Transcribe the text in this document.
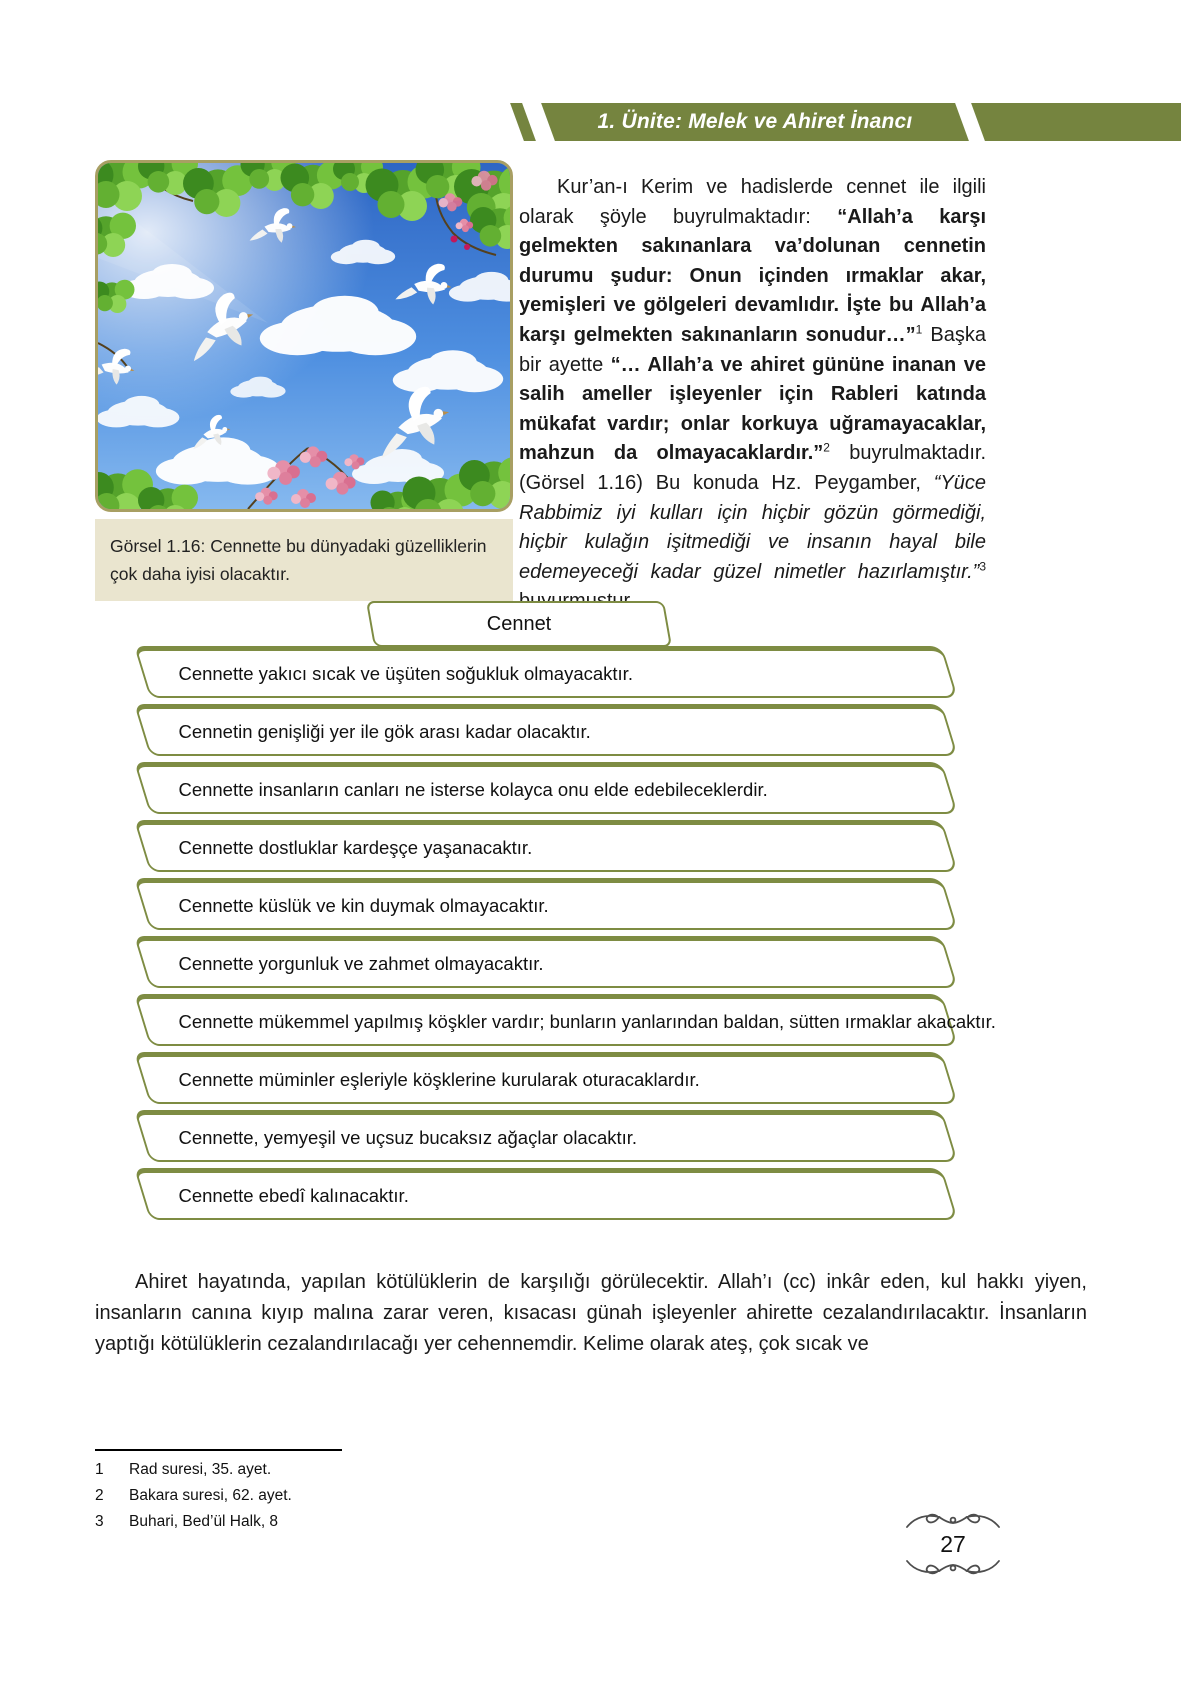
1. Ünite: Melek ve Ahiret İnancı
Görsel 1.16: Cennette bu dünyadaki güzelliklerin çok daha iyisi olacaktır.

Kur’an-ı Kerim ve hadislerde cennet ile ilgili olarak şöyle buyrulmaktadır: “Allah’a karşı gelmekten sakınanlara va’dolunan cennetin durumu şudur: Onun içinden ırmaklar akar, yemişleri ve gölgeleri devamlıdır. İşte bu Allah’a karşı gelmekten sakınanların sonudur…”$^1$ Başka bir ayette “… Allah’a ve ahiret gününe inanan ve salih ameller işleyenler için Rableri katında mükafat vardır; onlar korkuya uğramayacaklar, mahzun da olmayacaklardır.”$^2$ buyrulmaktadır. (Görsel 1.16) Bu konuda Hz. Peygamber, “Yüce Rabbimiz iyi kulları için hiçbir gözün görmediği, hiçbir kulağın işitmediği ve insanın hayal bile edemeyeceği kadar güzel nimetler hazırlamıştır.”$^3$

Cennet
Cennette yakıcı sıcak ve üşüten soğukluk olmayacaktır.
Cennetin genişliği yer ile gök arası kadar olacaktır.
Cennette insanların canları ne isterse kolayca onu elde edebileceklerdir.
Cennette dostluklar kardeşçe yaşanacaktır.
Cennette küslük ve kin duymak olmayacaktır.
Cennette yorgunluk ve zahmet olmayacaktır.
Cennette mükemmel yapılmış köşkler vardır; bunların yanlarından baldan, sütten ırmaklar akacaktır.
Cennette müminler eşleriyle köşklerine kurularak oturacaklardır.
Cennette, yemyeşil ve uçsuz bucaksız ağaçlar olacaktır.
Cennette ebedî kalınacaktır.

Ahiret hayatında, yapılan kötülüklerin de karşılığı görülecektir. Allah’ı (cc) inkâr eden, kul hakkı yiyen, insanların canına kıyıp malına zarar veren, kısacası günah işleyenler ahirette cezalandırılacaktır. İnsanların yaptığı kötülüklerin cezalandırılacağı yer cehennemdir. Kelime olarak ateş, çok sıcak ve

1 Rad suresi, 35. ayet.
2 Bakara suresi, 62. ayet.
3 Buhari, Bed’ül Halk, 8
27
